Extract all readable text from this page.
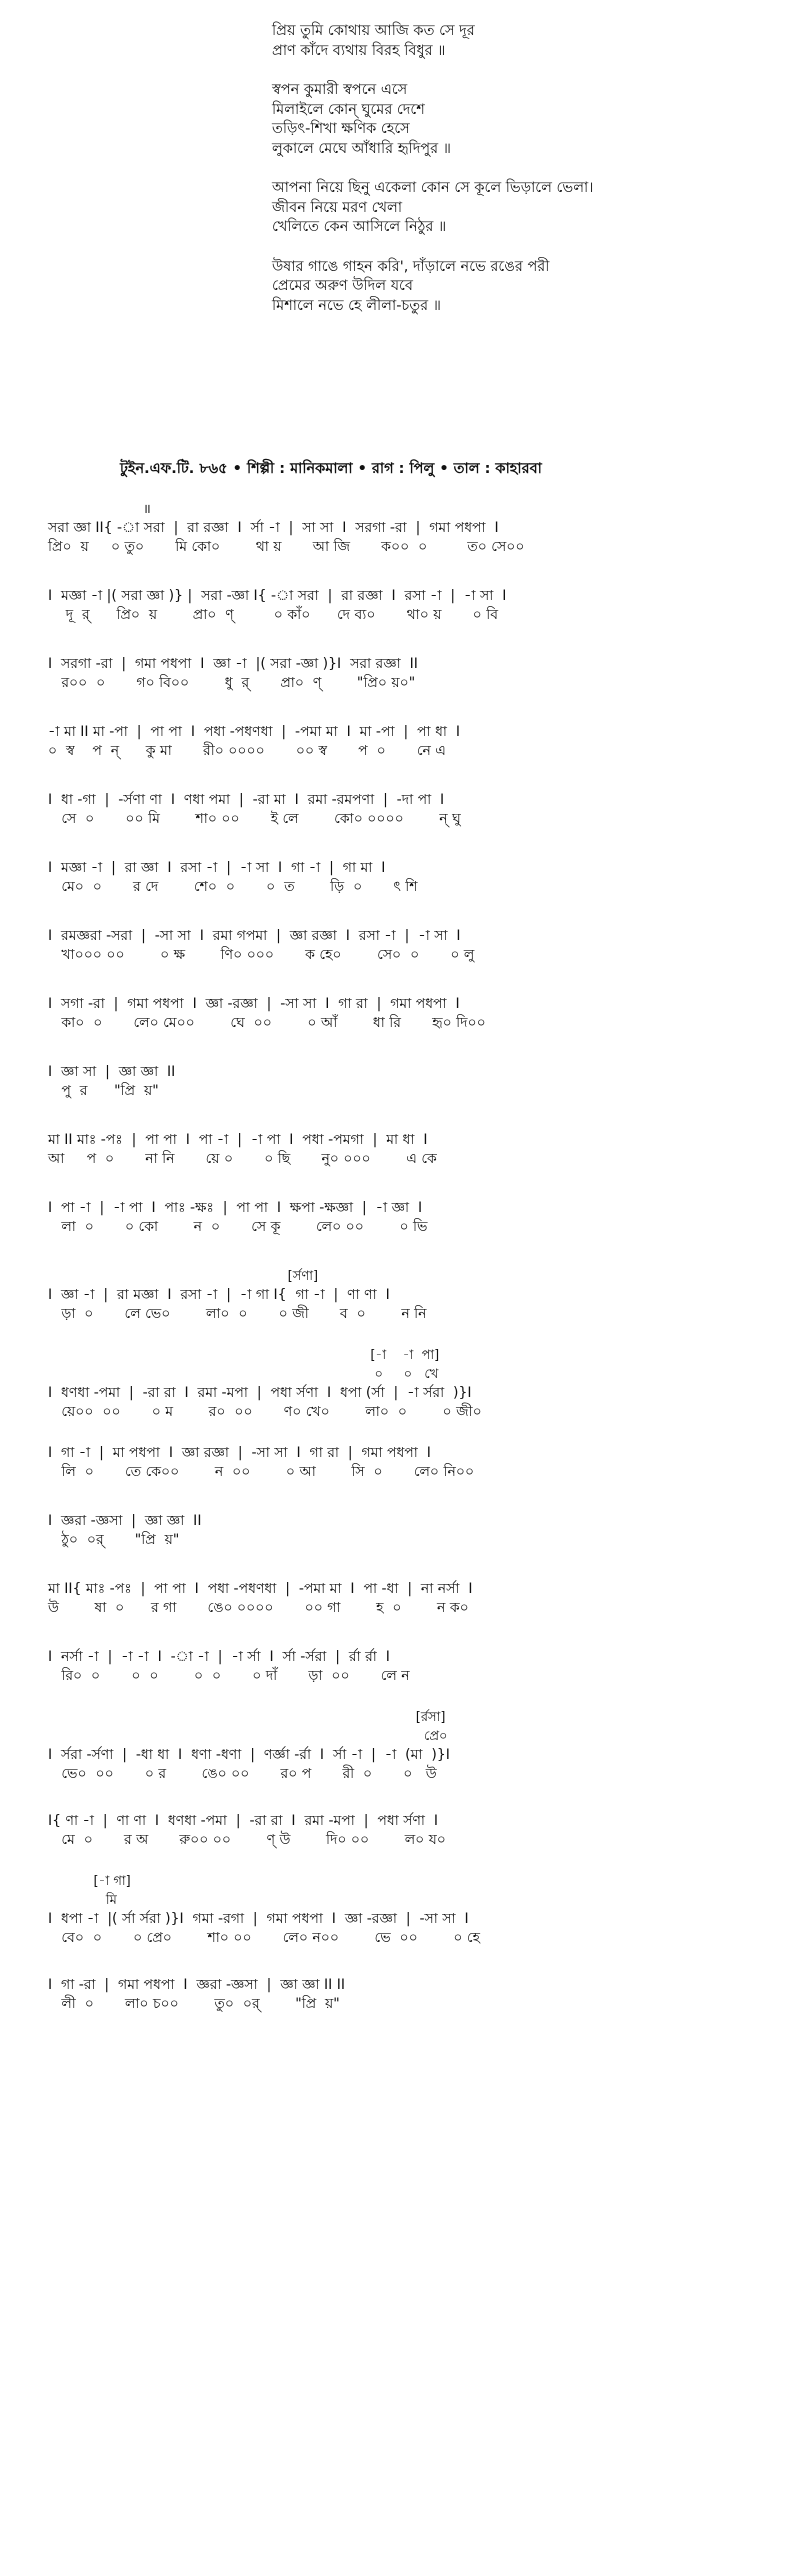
প্রিয় তুমি কোথায় আজি কত সে দূর
প্রাণ কাঁদে ব্যথায় বিরহ বিধুর ॥
স্বপন কুমারী স্বপনে এসে
মিলাইলে কোন্ ঘুমের দেশে
তড়িৎ-শিখা ক্ষণিক হেসে
লুকালে মেঘে আঁধারি হৃদিপুর ॥
আপনা নিয়ে ছিনু একেলা কোন সে কূলে ভিড়ালে ভেলা।
জীবন নিয়ে মরণ খেলা
খেলিতে কেন আসিলে নিঠুর ॥
উষার গাঙে গাহন করি', দাঁড়ালে নভে রঙের পরী
প্রেমের অরুণ উদিল যবে
মিশালে নভে হে লীলা-চতুর ॥
টুইন.এফ.টি. ৮৬৫ • শিল্পী : মানিকমালা • রাগ : পিলু • তাল : কাহারবা
॥
সরা জ্ঞা II{ -া সরা  |  রা রজ্ঞা  I  র্সা -া  |  সা সা  I  সরগা -রা  |  গমা পধপা  I
প্রি০  য়     ০ তু০       মি কো০        থা য়       আ জি       ক০০  ০         ত০ সে০০
I  মজ্ঞা -া |( সরা জ্ঞা )} |  সরা -জ্ঞা I{ -া সরা  |  রা রজ্ঞা  I  রসা -া  |  -া সা  I
দূ  র্      প্রি০  য়        প্রা০  ণ্         ০ কাঁ০      দে ব্য০       থা০ য়       ০ বি
I  সরগা -রা  |  গমা পধপা  I  জ্ঞা -া  |( সরা -জ্ঞা )}I  সরা রজ্ঞা  II
র০০  ০       গ০ বি০০        ধু  র্       প্রা০  ণ্        "প্রি০ য়০"
-া মা II মা -পা  |  পা পা  I  পধা -পধণধা  |  -পমা মা  I  মা -পা  |  পা ধা  I
০  স্ব    প  ন্      কু মা       রী০ ০০০০       ০০ স্ব       প  ০       নে এ
I  ধা -গা  |  -র্সণা ণা  I  ণধা পমা  |  -রা মা  I  রমা -রমপণা  |  -দা পা  I
সে  ০       ০০ মি        শা০ ০০       ই লে        কো০ ০০০০        ন্ ঘু
I  মজ্ঞা -া  |  রা জ্ঞা  I  রসা -া  |  -া সা  I  গা -া  |  গা মা  I
মে০  ০       র দে        শে০  ০       ০  ত        ড়ি  ০       ৎ শি
I  রমজ্ঞরা -সরা  |  -সা সা  I  রমা গপমা  |  জ্ঞা রজ্ঞা  I  রসা -া  |  -া সা  I
খা০০০ ০০        ০ ক্ষ        ণি০ ০০০       ক হে০        সে০  ০       ০ লু
I  সগা -রা  |  গমা পধপা  I  জ্ঞা -রজ্ঞা  |  -সা সা  I  গা রা  |  গমা পধপা  I
কা০  ০       লে০ মে০০        ঘে  ০০        ০ আঁ        ধা রি       হৃ০ দি০০
I  জ্ঞা সা  |  জ্ঞা জ্ঞা  II
পু  র      "প্রি  য়"
মা II মাঃ -পঃ  |  পা পা  I  পা -া  |  -া পা  I  পধা -পমগা  |  মা ধা  I
আ     প  ০       না নি       য়ে ০       ০ ছি       নু০ ০০০        এ কে
I  পা -া  |  -া পা  I  পাঃ -ক্ষঃ  |  পা পা  I  ক্ষপা -ক্ষজ্ঞা  |  -া জ্ঞা  I
লা  ০       ০ কো        ন  ০       সে কূ        লে০ ০০        ০ ভি
[র্সণা]
I  জ্ঞা -া  |  রা মজ্ঞা  I  রসা -া  |  -া গা I{  গা -া  |  ণা ণা  I
ড়া  ০       লে ভে০        লা০  ০       ০ জী       ব  ০        ন নি
[-া    -া  পা]
০     ০   খে
I  ধণধা -পমা  |  -রা রা  I  রমা -মপা  |  পধা র্সণা  I  ধপা (র্সা  |  -া র্সরা  )}I
য়ে০০  ০০       ০ ম        র০  ০০       ণ০ খে০        লা০  ০        ০ জী০
I  গা -া  |  মা পধপা  I  জ্ঞা রজ্ঞা  |  -সা সা  I  গা রা  |  গমা পধপা  I
লি  ০       তে কে০০        ন  ০০        ০ আ        সি  ০       লে০ নি০০
I  জ্ঞরা -জ্ঞসা  |  জ্ঞা জ্ঞা  II
ঠু০  ০র্       "প্রি  য়"
মা II{ মাঃ -পঃ  |  পা পা  I  পধা -পধণধা  |  -পমা মা  I  পা -ধা  |  না নর্সা  I
উ        ষা  ০      র গা       ঙে০ ০০০০       ০০ গা        হ  ০        ন ক০
I  নর্সা -া  |  -া -া  I  -া -া  |  -া র্সা  I  র্সা -র্সরা  |  র্রা র্রা  I
রি০  ০       ০  ০        ০  ০       ০ দাঁ       ড়া  ০০       লে ন
[র্রসা]
প্রে০
I  র্সরা -র্সণা  |  -ধা ধা  I  ধণা -ধণা  |  ণর্জ্ঞা -র্রা  I  র্সা -া  |  -া  (মা  )}I
ভে০  ০০       ০ র        ঙে০ ০০       র০ প       রী  ০       ০   উ
I{ ণা -া  |  ণা ণা  I  ধণধা -পমা  |  -রা রা  I  রমা -মপা  |  পধা র্সণা  I
মে  ০       র অ       রু০০ ০০        ণ্ উ        দি০ ০০        ল০ য০
[-া গা]
মি
I  ধপা -া  |( র্সা র্সরা )}I  গমা -রগা  |  গমা পধপা  I  জ্ঞা -রজ্ঞা  |  -সা সা  I
বে০  ০       ০ প্রে০        শা০ ০০       লে০ ন০০        ভে  ০০        ০ হে
I  গা -রা  |  গমা পধপা  I  জ্ঞরা -জ্ঞসা  |  জ্ঞা জ্ঞা II II
লী  ০       লা০ চ০০        তু০  ০র্        "প্রি  য়"
